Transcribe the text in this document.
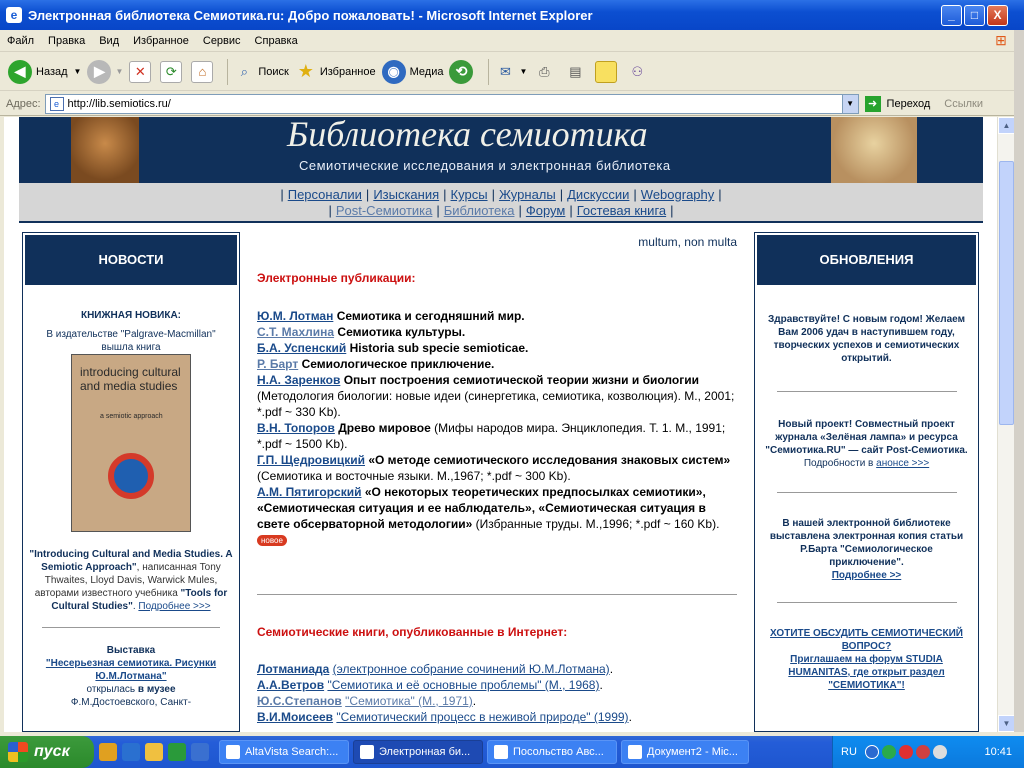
e Электронная библиотека Семиотика.ru: Добро пожаловать! - Microsoft Internet Explorer	_	□	X
Файл	Правка	Вид	Избранное	Сервис	Справка	⊞
◀ Назад ▼ ▶	▼ ✕	⟳	⌂	⌕ Поиск ★ Избранное ◉ Медиа ⟲	✉	▼ ⎙	▤	⚇
Адрес:	e http://lib.semiotics.ru/	▼	➜ Переход Ссылки
Библиотека семиотика
Семиотические исследования и электронная библиотека
| Персоналии | Изыскания | Курсы | Журналы | Дискуссии | Webography |
| Post-Семиотика | Библиотека | Форум | Гостевая книга |
НОВОСТИ
КНИЖНАЯ НОВИКА:
В издательстве "Palgrave-Macmillan" вышла книга
introducing cultural and media studies
a semiotic approach
"Introducing Cultural and Media Studies. A Semiotic Approach", написанная Tony Thwaites, Lloyd Davis, Warwick Mules, авторами известного учебника "Tools for Cultural Studies". Подробнее >>>
Выставка
"Несерьезная семиотика. Рисунки Ю.М.Лотмана"
открылась в музее
Ф.М.Достоевского, Санкт-
multum, non multa
Электронные публикации:
Ю.М. Лотман Семиотика и сегодняшний мир.
С.Т. Махлина Семиотика культуры.
Б.А. Успенский Historia sub specie semioticae.
Р. Барт Семиологическое приключение.
Н.А. Заренков Опыт построения семиотической теории жизни и биологии (Методология биологии: новые идеи (синергетика, семиотика, козволюция). М., 2001; *.pdf ~ 330 Kb).
В.Н. Топоров Древо мировое (Мифы народов мира. Энциклопедия. Т. 1. М., 1991; *.pdf ~ 1500 Kb).
Г.П. Щедровицкий «О методе семиотического исследования знаковых систем» (Семиотика и восточные языки. М.,1967; *.pdf ~ 300 Kb).
А.М. Пятигорский «О некоторых теоретических предпосылках семиотики», «Семиотическая ситуация и ее наблюдатель», «Семиотическая ситуация в свете обсерваторной методологии» (Избранные труды. М.,1996; *.pdf ~ 160 Kb).новое
Семиотические книги, опубликованные в Интернет:
Лотманиада (электронное собрание сочинений Ю.М.Лотмана).
А.А.Ветров "Семиотика и её основные проблемы" (М., 1968).
Ю.С.Степанов "Семиотика" (М., 1971).
В.И.Моисеев "Семиотический процесс в неживой природе" (1999).
ОБНОВЛЕНИЯ
Здравствуйте! С новым годом! Желаем Вам 2006 удач в наступившем году, творческих успехов и семиотических открытий.
Новый проект! Совместный проект журнала «Зелёная лампа» и ресурса "Семиотика.RU" — сайт Post-Семиотика.
Подробности в анонсе >>>
В нашей электронной библиотеке выставлена электронная копия статьи Р.Барта "Семиологическое приключение".
Подробнее >>
ХОТИТЕ ОБСУДИТЬ СЕМИОТИЧЕСКИЙ ВОПРОС?
Приглашаем на форум STUDIA HUMANITAS, где открыт раздел "СЕМИОТИКА"!
▲
▼
пуск	AltaVista Search:...	Электронная би...	Посольство Авс...	Документ2 - Mic...	RU	10:41
